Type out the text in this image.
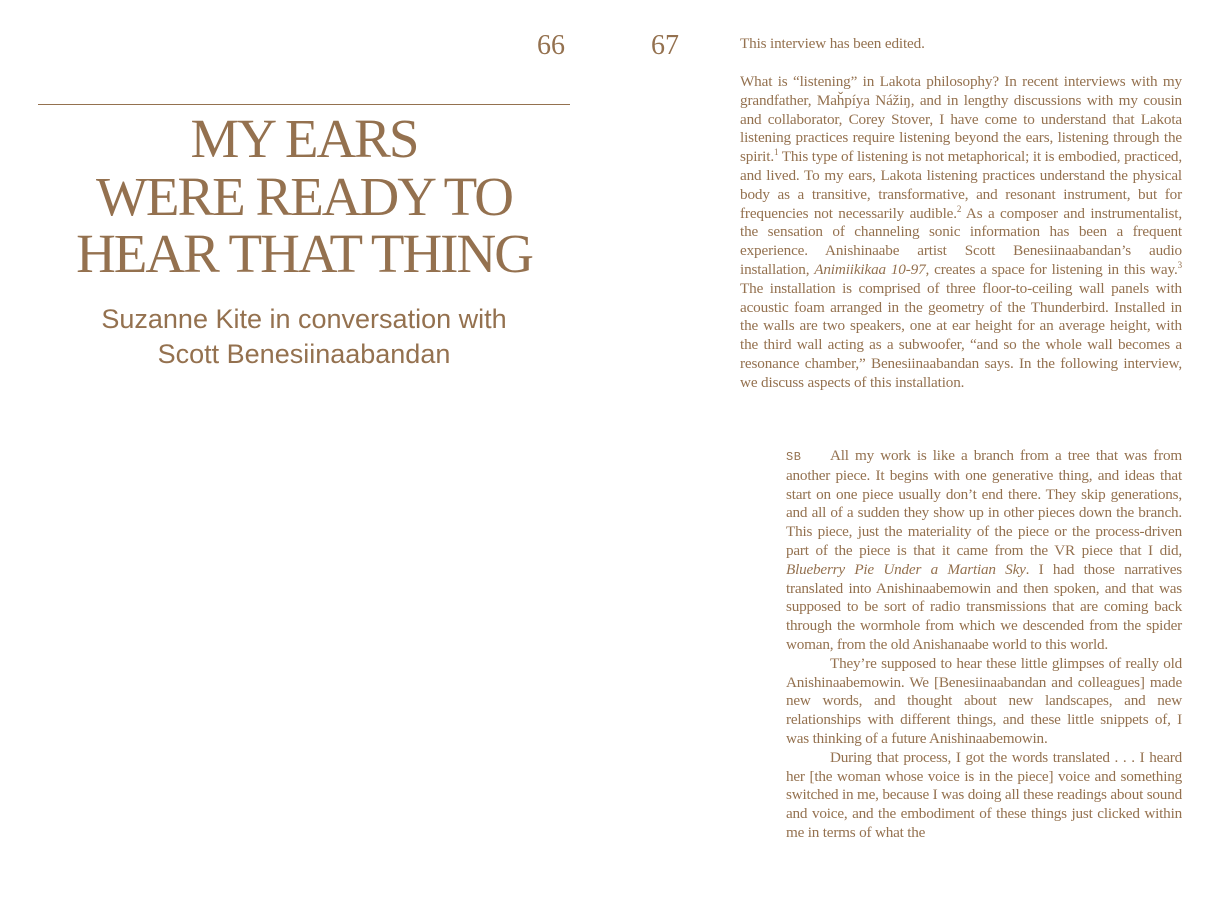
66	67
MY EARS
WERE READY TO
HEAR THAT THING
Suzanne Kite in conversation with
Scott Benesiinaabandan
This interview has been edited.
What is “listening” in Lakota philosophy? In recent interviews with my grandfather, Maȟpíya Nážiŋ, and in lengthy discussions with my cousin and collaborator, Corey Stover, I have come to understand that Lakota listening practices require listening beyond the ears, listening through the spirit.$^1$ This type of listening is not metaphorical; it is embodied, practiced, and lived. To my ears, Lakota listening practices understand the physical body as a transitive, transformative, and resonant instrument, but for frequencies not necessarily audible.$^2$ As a composer and instrumentalist, the sensation of channeling sonic information has been a frequent experience. Anishinaabe artist Scott Benesiinaabandan’s audio installation, Animiikikaa 10-97, creates a space for listening in this way.$^3$ The installation is comprised of three floor-to-ceiling wall panels with acoustic foam arranged in the geometry of the Thunderbird. Installed in the walls are two speakers, one at ear height for an average height, with the third wall acting as a subwoofer, “and so the whole wall becomes a resonance chamber,” Benesiinaabandan says. In the following interview, we discuss aspects of this installation.

SB All my work is like a branch from a tree that was from another piece. It begins with one generative thing, and ideas that start on one piece usually don’t end there. They skip generations, and all of a sudden they show up in other pieces down the branch. This piece, just the materiality of the piece or the process-driven part of the piece is that it came from the VR piece that I did, Blueberry Pie Under a Martian Sky. I had those narratives translated into Anishinaabemowin and then spoken, and that was supposed to be sort of radio transmissions that are coming back through the wormhole from which we descended from the spider woman, from the old Anishanaabe world to this world.

They’re supposed to hear these little glimpses of really old Anishinaabemowin. We [Benesiinaabandan and colleagues] made new words, and thought about new landscapes, and new relationships with different things, and these little snippets of, I was thinking of a future Anishinaabemowin.

During that process, I got the words translated . . . I heard her [the woman whose voice is in the piece] voice and something switched in me, because I was doing all these readings about sound and voice, and the embodiment of these things just clicked within me in terms of what the
